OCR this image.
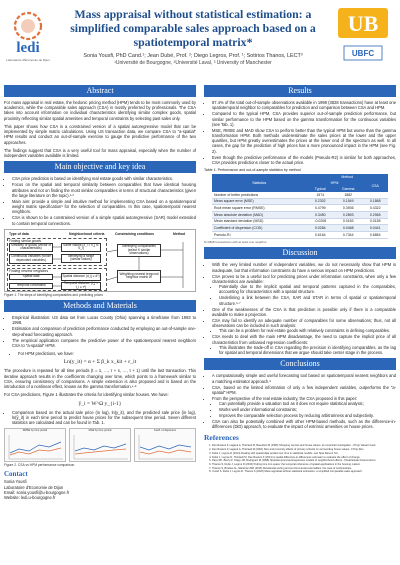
ledi
Laboratoire d'Économie de Dijon
Mass appraisal without statistical estimation: a simplified comparable sales approach based on a spatiotemporal matrix*
Sonia Yousfi, PhD Cand.¹; Jean Dubé, Prof. ²; Diego Legros, Prof. ¹; Sotirios Thanos, LECT³
¹Université de Bourgogne, ²Université Laval, ³ University of Manchester
UB
UBFC
Abstract

For mass appraisal in real estate, the hedonic pricing method (HPM) tends to be most commonly used by academics, while the comparable sales approach (CSA) is mostly preferred by professionals. The CSA takes into account information on individual characteristics identifying similar complex goods, spatial proximity reflecting similar spatial amenities and temporal constraints by selecting past sales only.

This paper shows how CSA is a constrained version of a spatial autoregressive model that can be implemented by simple matrix calculations. Using US transaction data, we compare CSA to "a-spatial" HPM results and conduct an out-of-sample exercise to gauge the predictive performance of the two approaches.

The findings suggest that CSA is a very useful tool for mass appraisal, especially when the number of independent variables available is limited.

Main objective and key idea
• CSA price prediction is based on identifying real estate goods with similar characteristics.
• Focus on the spatial and temporal similarity between comparables that have identical housing attributes and not on finding the most similar comparables in terms of structural characteristics (given the large literature on the topic).¹·²
• Main aim: provide a simple and intuitive method for implementing CSA based on a spatiotemporal weight matrix specification³ for the selection of comparables. In this case, spatiotemporal nearest neighbors.
• CSA is shown to be a constrained version of a simple spatial autoregressive (SAR) model extended to contain temporal connections.
Type of data	Neighborhood criteria	Constraining conditions	Method
Finding similar goods
Similarity of goods (vector of characteristics)
Same values (x_i = x_j ∈ S_i)
Continuous variables (whole dependent variables)
Identifying a range (similar values)
Finding nearest neighbors
Spatial data	Spatial distance (d_ij ≤ d*)
Temporal constraints	Temporal distance (t_j < t_i ≤ τ*)
Identifying comparables (select K similar observations)
Weighting nearest temporal neighbor matrix W
Figure 1. The steps of identifying comparables and predicting prices
Methods and Materials
• Empirical illustration: US data set from Lucas County (Ohio) spanning a timeframe from 1993 to 1998.
• Estimation and comparison of prediction performance conducted by employing an out-of-sample one-step-ahead forecasting approach.
• The empirical application compares the predictive power of the spatiotemporal nearest neighbors CSA to "a-spatial" HPM.
• For HPM predictions, we have:
Ln(y_it) = α + Σ β_k x_kit + ε_it

The procedure is repeated for all time periods (t = 1, …, τ + s, …, τ + 1) until the last transaction. This iterative approach results in the coefficients changing over time, which points to a framework similar to CSA, ensuring consistency of comparisons. A simple extension is also proposed and is based on the introduction of a nonlinear effect, known as the gamma transformation.⁴·⁵

For CSA predictions, Figure 1 illustrates the criteria for identifying similar houses. We have:

ŷ_i = W^Ω y_{i-1}
• Comparison based on the actual sale price (in log), ln(y_it), and the predicted sale price (in log), ln(ŷ_it) in each time period to predict house prices for the subsequent time period. Seven different statistics are calculated and can be found in Tab. 1.
RMSE by time period	MAE by time period	Coeff. of dispersion
Figure 2. CSA vs HPM performance comparison
Contact
Sonia Yousfi
Laboratoire d'Economie de Dijon
Email: sonia.yousfi@u-bourgogne.fr
Website: ledi.u-bourgogne.fr
Results
• 87.4% of the total out-of-sample observations available in 1998 (3828 transactions) have at least one spatiotemporal neighbor to comparables for prediction and comparison between CSA and HPM.
• Compared to the typical HPM, CSA provides superior out-of-sample prediction performance, but similar performance to the HPM based on the gamma transformation for the continuous variables (see Tab. 1).
• MSE, RMSE and MAD show CSA to perform better than the typical HPM but worse than the gamma transformation HPM. Both methods underestimate the sales prices at the lower and the upper quartiles, but HPM greatly overestimates the prices at the lower end of the spectrum as well. In all cases, the gap for the prediction of high prices has a more pronounced impact in the HPM (see Fig. 2).
• Even though the predictive performance of the models (Pseudo-R2) is similar for both approaches, CSA provides predictions closer to the actual price.
Table 1. Performance and out-of-sample statistics by method
Statistics	Method		
	HPM		CSA
	Typical	Gamma	
Number of better predictions	1574	1882	
Mean square error (MSE)	0.2302	0.1549	0.1868
Root mean square error (RMSE)	0.4799	0.3936	0.4322
Mean absolute deviation (MAD)	0.3450	0.2893	0.2965
Mean standard deviation (MSD)	-0.0208	0.0183	0.0155
Coefficient of dispersion (COD)	0.0284	0.0468	0.0441
Pseudo-R²	0.6164	0.7344	0.6854
N=3828 transactions with at least one neighbor
Discussion
• With the very limited number of independent variables, we do not necessarily show that HPM is inadequate, but that information constraints do have a serious impact on HPM predictions.
• CSA proves to be a useful tool for predicting prices under information constraints, when only a few characteristics are available:
• Potentially due to the implicit spatial and temporal patterns captured in the comparables, accounting for characteristics with a spatial structure.
• Underlining a link between the CSA, SAR and STAR in terms of spatial or spatiotemporal structure.⁶·⁷
• One of the weaknesses of the CSA is that prediction is possible only if there is a comparable available to make a projection.
• CSA may fail to identify an adequate number of comparables for some observations; thus, not all observations can be included in such analysis:
• This can be a problem for real estate goods with relatively constraints in defining comparables.
• CSA needs to deal with the main HPM disadvantage, the need to capture the implicit price of all characteristics from unbiased regression coefficients:
• This illustrates the trade-off in CSA regarding the precision in identifying comparables, as the lag for spatial and temporal dimensions that we argue should take center stage in the process.
Conclusions
• A computationally simple and useful forecasting tool based on spatiotemporal nearest neighbors and a matching estimator approach.⁸
• CSA, based on the limited information of only a few independent variables, outperforms the "a-spatial" HPM.
• From the perspective of the real estate industry, the CSA proposed in this paper:
• Can potentially provide a valuation tool as it does not require statistical analysis;
• Works well under informational constraints;
• Improves the comparable selection process by reducing arbitrariness and subjectivity.
• CSA can also be potentially combined with other HPM-based methods, such as the difference-in-differences (DiD) approach, to evaluate the impact of extrinsic amenities on house prices.
References
1. Des Rosiers F, Lagana A, Thériault M, Beaudoin M (1996) Shopping centres and house values: an empirical investigation. J Prop Valuat Invest.
2. Des Rosiers F, Lagana A, Thériault M (2001) Size and proximity effects of primary schools on surrounding house values. J Prop Res.
3. Dubé J, Legros D (2014) Dealing with spatial data pooled over time in statistical models. Lett Spat Resour Sci.
4. Dubé J, Legros D, Thériault M, Des Rosiers F (2014) A spatial difference-in-differences estimator to evaluate the effect of change.
5. Pace RK, Barry R, Clapp JM, Rodriguez M (1998) Spatiotemporal autoregressive models of neighborhood effects. J Real Estate Finance Econ.
6. Thanos S, Dubé J, Legros D (2016) Putting time into space: the temporal coherence of spatial applications in the housing market.
7. Thanos S, Bristow AL, Wardman MR (2015) Residential sorting and environmental externalities: the case of nonlinearities.
8. Yousfi S, Dubé J, Legros D, Thanos S (2020) Mass appraisal without statistical estimation: a simplified comparable sales approach.
